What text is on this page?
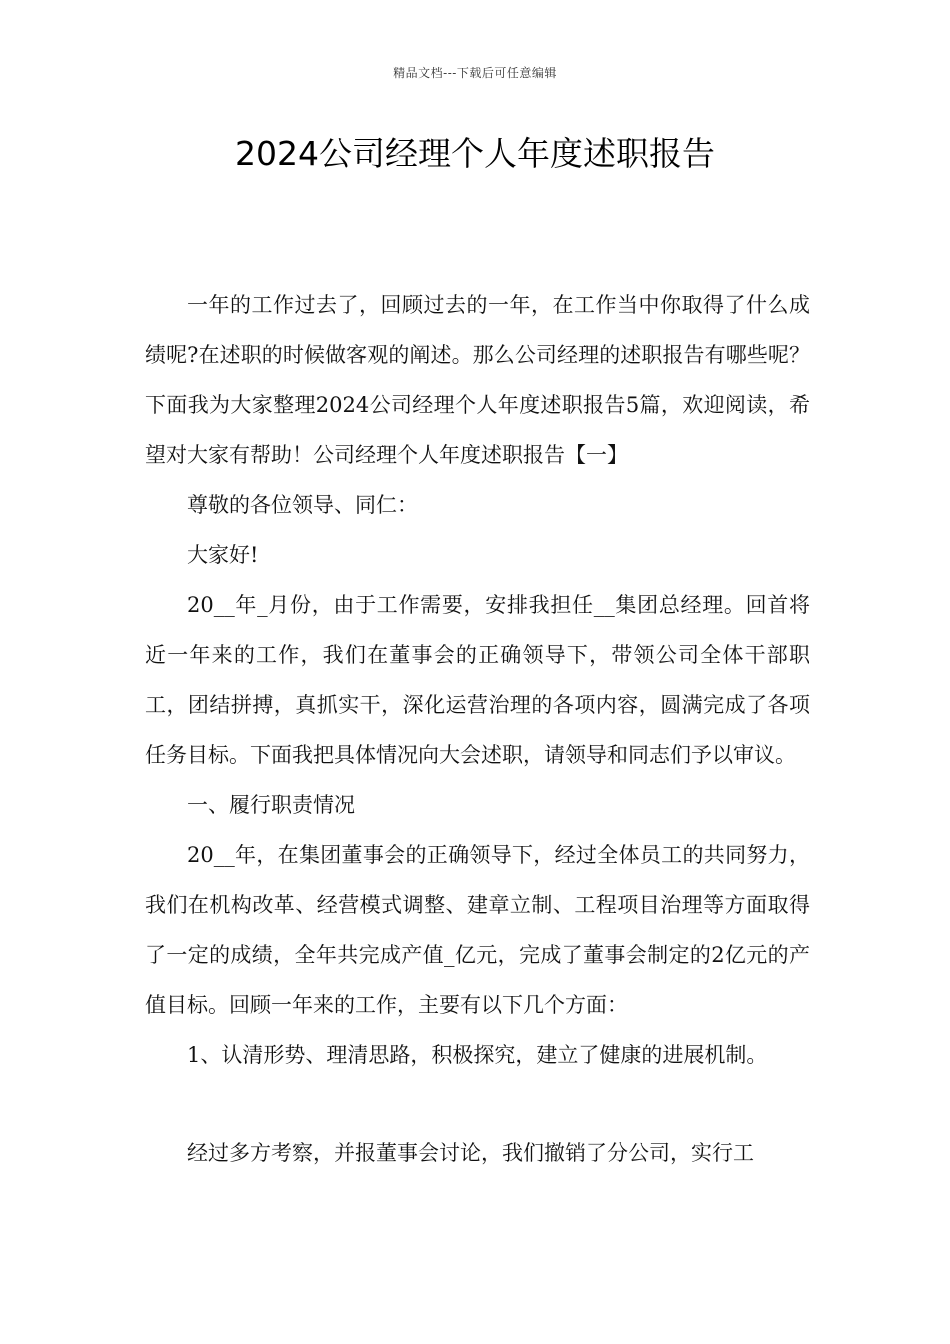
精品文档---下载后可任意编辑
2024公司经理个人年度述职报告

一年的工作过去了，回顾过去的一年，在工作当中你取得了什么成绩呢?在述职的时候做客观的阐述。那么公司经理的述职报告有哪些呢？下面我为大家整理2024公司经理个人年度述职报告5篇，欢迎阅读，希望对大家有帮助！公司经理个人年度述职报告【一】

尊敬的各位领导、同仁：

大家好!

20__年_月份，由于工作需要，安排我担任__集团总经理。回首将近一年来的工作，我们在董事会的正确领导下，带领公司全体干部职工，团结拼搏，真抓实干，深化运营治理的各项内容，圆满完成了各项任务目标。下面我把具体情况向大会述职，请领导和同志们予以审议。

一、履行职责情况

20__年，在集团董事会的正确领导下，经过全体员工的共同努力，我们在机构改革、经营模式调整、建章立制、工程项目治理等方面取得了一定的成绩，全年共完成产值_亿元，完成了董事会制定的2亿元的产值目标。回顾一年来的工作，主要有以下几个方面：

1、认清形势、理清思路，积极探究，建立了健康的进展机制。

经过多方考察，并报董事会讨论，我们撤销了分公司，实行工
